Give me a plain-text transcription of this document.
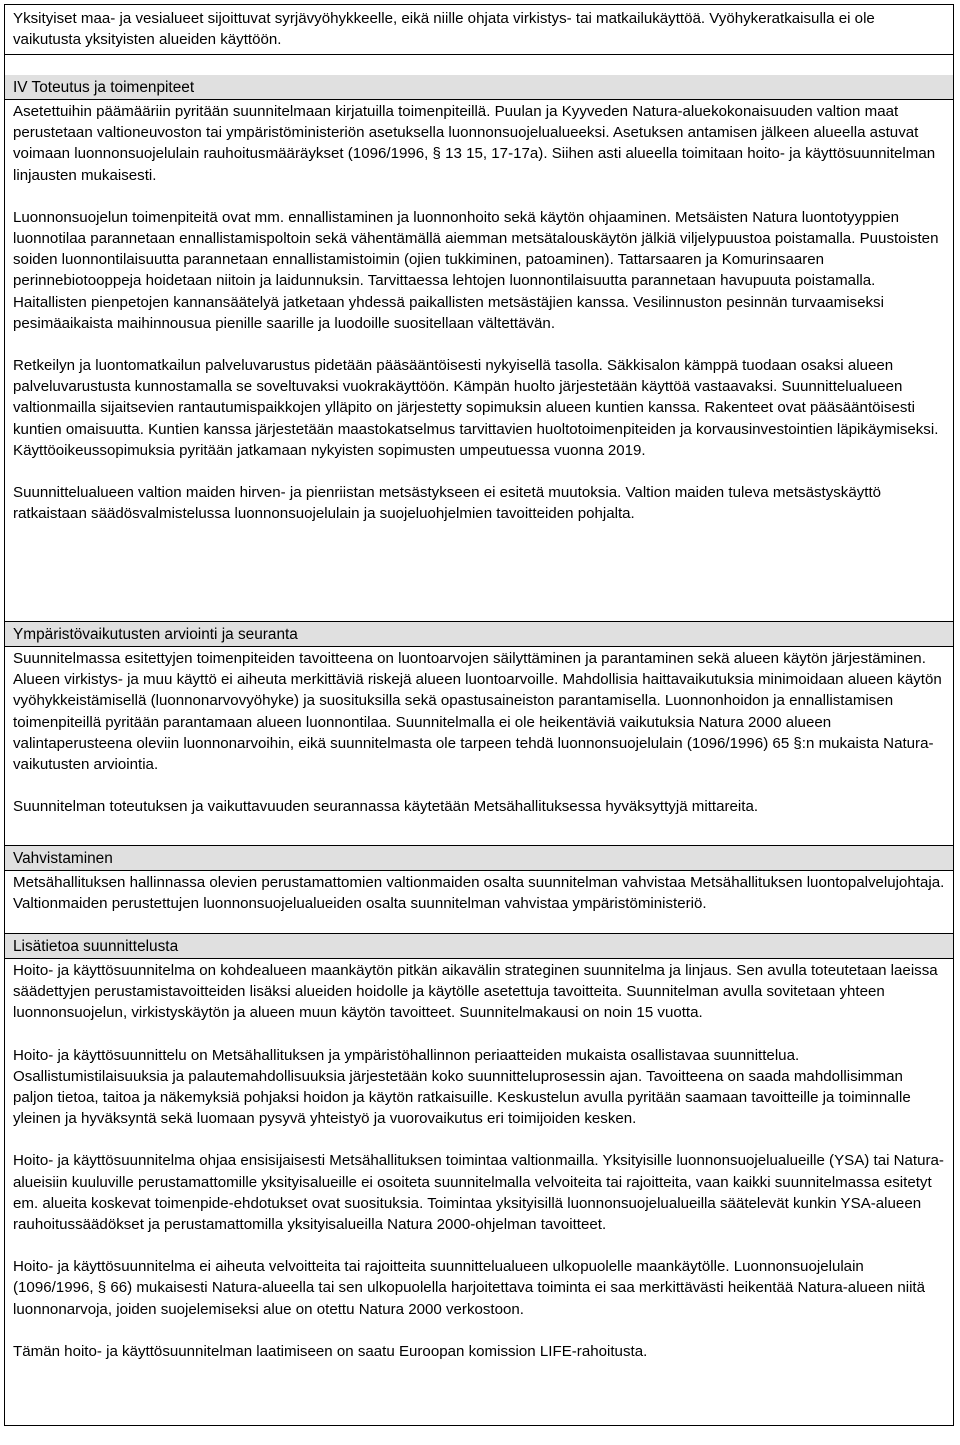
Yksityiset maa- ja vesialueet sijoittuvat syrjävyöhykkeelle, eikä niille ohjata virkistys- tai matkailukäyttöä. Vyöhykeratkaisulla ei ole vaikutusta yksityisten alueiden käyttöön.

IV Toteutus ja toimenpiteet

Asetettuihin päämääriin pyritään suunnitelmaan kirjatuilla toimenpiteillä. Puulan ja Kyyveden Natura-aluekokonaisuuden valtion maat perustetaan valtioneuvoston tai ympäristöministeriön asetuksella luonnonsuojelualueeksi. Asetuksen antamisen jälkeen alueella astuvat voimaan luonnonsuojelulain rauhoitusmääräykset (1096/1996, § 13 15, 17-17a). Siihen asti alueella toimitaan hoito- ja käyttösuunnitelman linjausten mukaisesti.

Luonnonsuojelun toimenpiteitä ovat mm. ennallistaminen ja luonnonhoito sekä käytön ohjaaminen. Metsäisten Natura luontotyyppien luonnotilaa parannetaan ennallistamispoltoin sekä vähentämällä aiemman metsätalouskäytön jälkiä viljelypuustoa poistamalla. Puustoisten soiden luonnontilaisuutta parannetaan ennallistamistoimin (ojien tukkiminen, patoaminen). Tattarsaaren ja Komurinsaaren perinnebiotooppeja hoidetaan niitoin ja laidunnuksin. Tarvittaessa lehtojen luonnontilaisuutta parannetaan havupuuta poistamalla. Haitallisten pienpetojen kannansäätelyä jatketaan yhdessä paikallisten metsästäjien kanssa. Vesilinnuston pesinnän turvaamiseksi pesimäaikaista maihinnousua pienille saarille ja luodoille suositellaan vältettävän.

Retkeilyn ja luontomatkailun palveluvarustus pidetään pääsääntöisesti nykyisellä tasolla. Säkkisalon kämppä tuodaan osaksi alueen palveluvarustusta kunnostamalla se soveltuvaksi vuokrakäyttöön. Kämpän huolto järjestetään käyttöä vastaavaksi. Suunnittelualueen valtionmailla sijaitsevien rantautumispaikkojen ylläpito on järjestetty sopimuksin alueen kuntien kanssa. Rakenteet ovat pääsääntöisesti kuntien omaisuutta. Kuntien kanssa järjestetään maastokatselmus tarvittavien huoltotoimenpiteiden ja korvausinvestointien läpikäymiseksi. Käyttöoikeussopimuksia pyritään jatkamaan nykyisten sopimusten umpeutuessa vuonna 2019.

Suunnittelualueen valtion maiden hirven- ja pienriistan metsästykseen ei esitetä muutoksia. Valtion maiden tuleva metsästyskäyttö ratkaistaan säädösvalmistelussa luonnonsuojelulain ja suojeluohjelmien tavoitteiden pohjalta.

Ympäristövaikutusten arviointi ja seuranta

Suunnitelmassa esitettyjen toimenpiteiden tavoitteena on luontoarvojen säilyttäminen ja parantaminen sekä alueen käytön järjestäminen. Alueen virkistys- ja muu käyttö ei aiheuta merkittäviä riskejä alueen luontoarvoille. Mahdollisia haittavaikutuksia minimoidaan alueen käytön vyöhykkeistämisellä (luonnonarvovyöhyke) ja suosituksilla sekä opastusaineiston parantamisella. Luonnonhoidon ja ennallistamisen toimenpiteillä pyritään parantamaan alueen luonnontilaa. Suunnitelmalla ei ole heikentäviä vaikutuksia Natura 2000 alueen valintaperusteena oleviin luonnonarvoihin, eikä suunnitelmasta ole tarpeen tehdä luonnonsuojelulain (1096/1996) 65 §:n mukaista Natura-vaikutusten arviointia.

Suunnitelman toteutuksen ja vaikuttavuuden seurannassa käytetään Metsähallituksessa hyväksyttyjä mittareita.

Vahvistaminen

Metsähallituksen hallinnassa olevien perustamattomien valtionmaiden osalta suunnitelman vahvistaa Metsähallituksen luontopalvelujohtaja. Valtionmaiden perustettujen luonnonsuojelualueiden osalta suunnitelman vahvistaa ympäristöministeriö.

Lisätietoa suunnittelusta

Hoito- ja käyttösuunnitelma on kohdealueen maankäytön pitkän aikavälin strateginen suunnitelma ja linjaus. Sen avulla toteutetaan laeissa säädettyjen perustamistavoitteiden lisäksi alueiden hoidolle ja käytölle asetettuja tavoitteita. Suunnitelman avulla sovitetaan yhteen luonnonsuojelun, virkistyskäytön ja alueen muun käytön tavoitteet. Suunnitelmakausi on noin 15 vuotta.

Hoito- ja käyttösuunnittelu on Metsähallituksen ja ympäristöhallinnon periaatteiden mukaista osallistavaa suunnittelua. Osallistumistilaisuuksia ja palautemahdollisuuksia järjestetään koko suunnitteluprosessin ajan. Tavoitteena on saada mahdollisimman paljon tietoa, taitoa ja näkemyksiä pohjaksi hoidon ja käytön ratkaisuille. Keskustelun avulla pyritään saamaan tavoitteille ja toiminnalle yleinen ja hyväksyntä sekä luomaan pysyvä yhteistyö ja vuorovaikutus eri toimijoiden kesken.

Hoito- ja käyttösuunnitelma ohjaa ensisijaisesti Metsähallituksen toimintaa valtionmailla. Yksityisille luonnonsuojelualueille (YSA) tai Natura-alueisiin kuuluville perustamattomille yksityisalueille ei osoiteta suunnitelmalla velvoiteita tai rajoitteita, vaan kaikki suunnitelmassa esitetyt em. alueita koskevat toimenpide-ehdotukset ovat suosituksia. Toimintaa yksityisillä luonnonsuojelualueilla säätelevät kunkin YSA-alueen rauhoitussäädökset ja perustamattomilla yksityisalueilla Natura 2000-ohjelman tavoitteet.

Hoito- ja käyttösuunnitelma ei aiheuta velvoitteita tai rajoitteita suunnittelualueen ulkopuolelle maankäytölle. Luonnonsuojelulain (1096/1996, § 66) mukaisesti Natura-alueella tai sen ulkopuolella harjoitettava toiminta ei saa merkittävästi heikentää Natura-alueen niitä luonnonarvoja, joiden suojelemiseksi alue on otettu Natura 2000 verkostoon.

Tämän hoito- ja käyttösuunnitelman laatimiseen on saatu Euroopan komission LIFE-rahoitusta.
